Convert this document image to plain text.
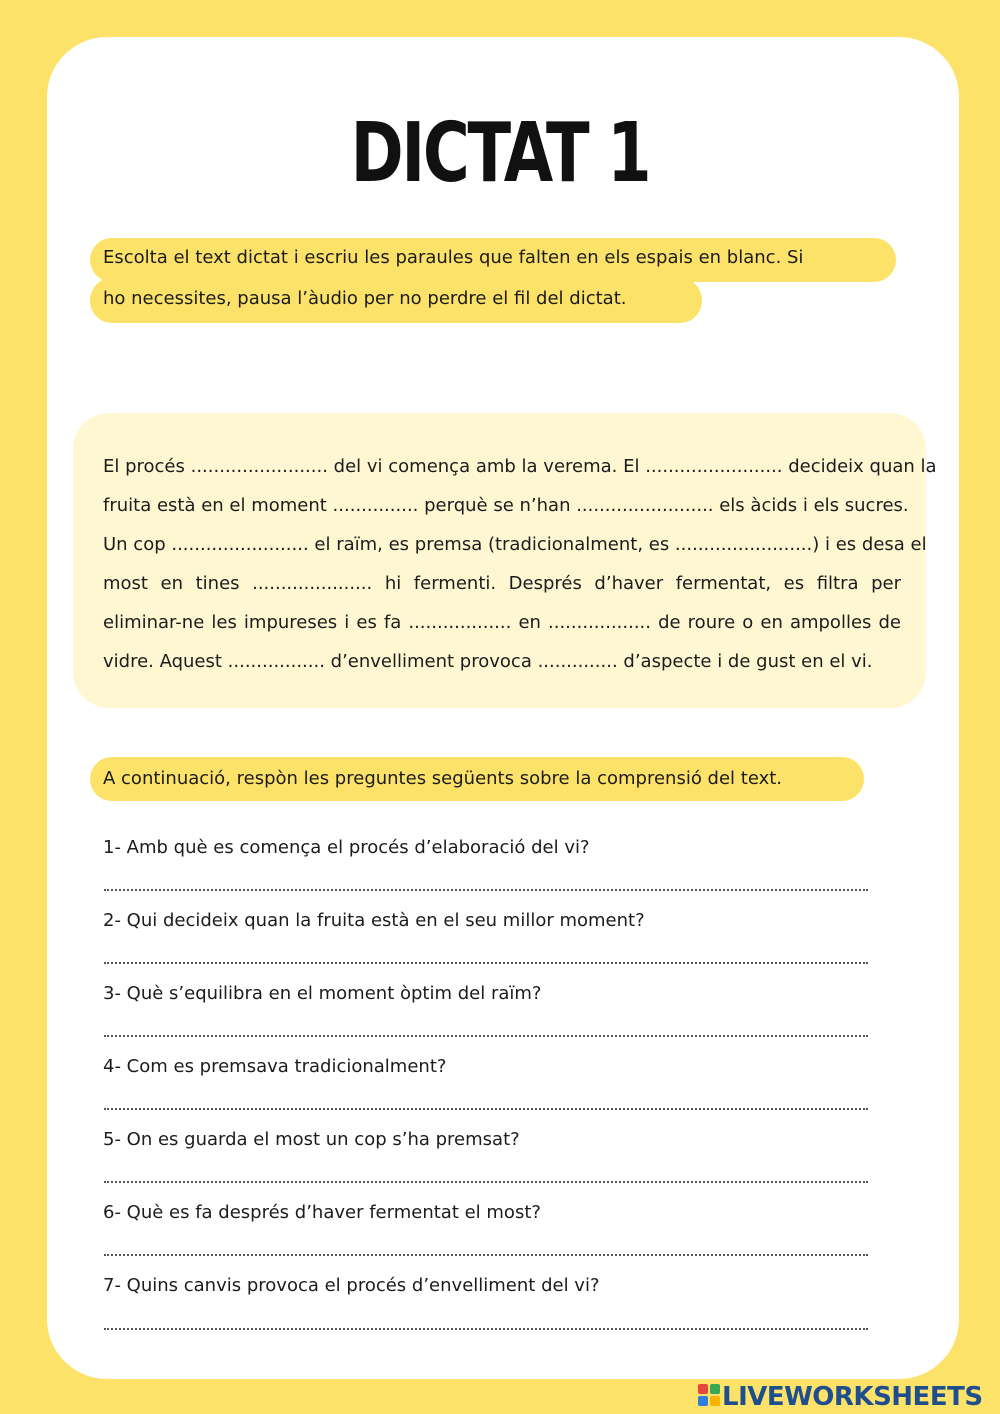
DICTAT 1
Escolta el text dictat i escriu les paraules que falten en els espais en blanc. Si
ho necessites, pausa l’àudio per no perdre el fil del dictat.
El procés ........................ del vi comença amb la verema. El ........................ decideix quan la
fruita està en el moment ............... perquè se n’han ........................ els àcids i els sucres.
Un cop ........................ el raïm, es premsa (tradicionalment, es ........................) i es desa el
most en tines ..................... hi fermenti. Després d’haver fermentat, es filtra per
eliminar-ne les impureses i es fa .................. en .................. de roure o en ampolles de
vidre. Aquest ................. d’envelliment provoca .............. d’aspecte i de gust en el vi.
A continuació, respòn les preguntes següents sobre la comprensió del text.
1- Amb què es comença el procés d’elaboració del vi?
2- Qui decideix quan la fruita està en el seu millor moment?
3- Què s’equilibra en el moment òptim del raïm?
4- Com es premsava tradicionalment?
5- On es guarda el most un cop s’ha premsat?
6- Què es fa després d’haver fermentat el most?
7- Quins canvis provoca el procés d’envelliment del vi?
LIVEWORKSHEETS
